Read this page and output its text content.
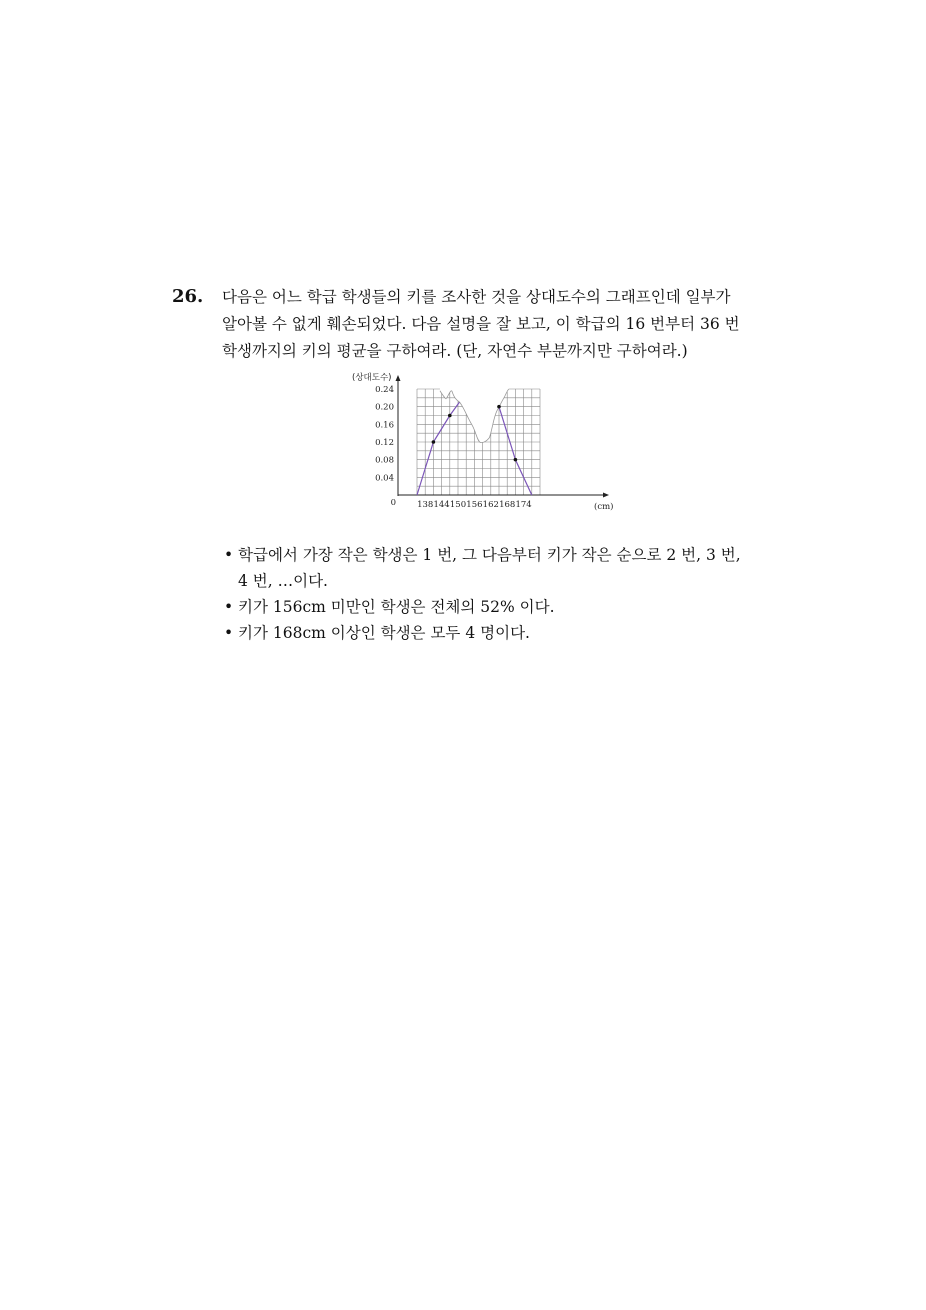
26. 다음은 어느 학급 학생들의 키를 조사한 것을 상대도수의 그래프인데 일부가

알아볼 수 없게 훼손되었다. 다음 설명을 잘 보고, 이 학급의 16 번부터 36 번

학생까지의 키의 평균을 구하여라. (단, 자연수 부분까지만 구하여라.)

0.04
0.08
0.12
0.16
0.20
0.24
138 144 150 156 162 168 174
0
(상대도수)
(cm)
• 학급에서 가장 작은 학생은 1 번, 그 다음부터 키가 작은 순으로 2 번, 3 번, 4 번, …이다.
• 키가 156cm 미만인 학생은 전체의 52% 이다.
• 키가 168cm 이상인 학생은 모두 4 명이다.
